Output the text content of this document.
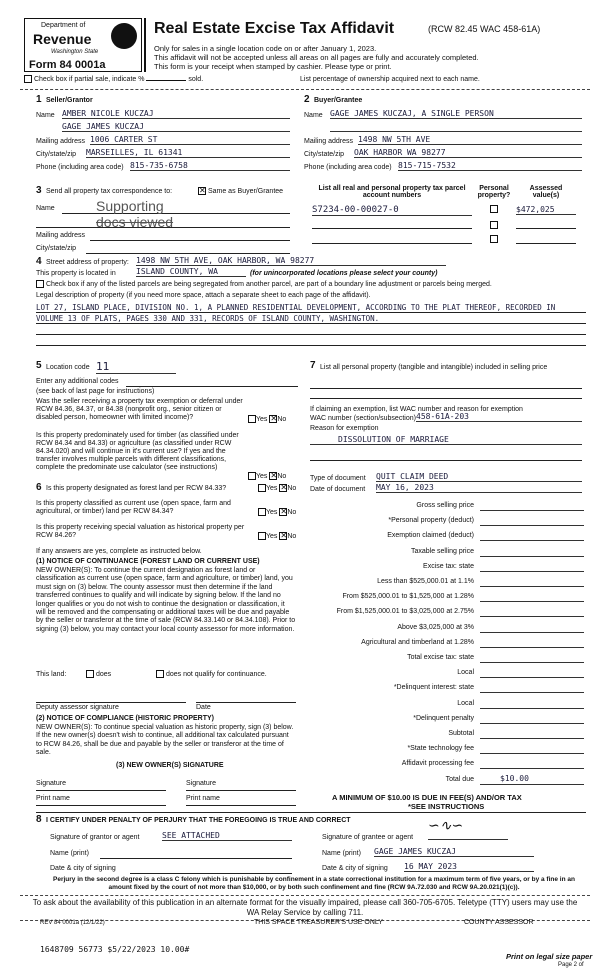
Department of
Revenue
Washington State
Form 84 0001a
Real Estate Excise Tax Affidavit	(RCW 82.45 WAC 458-61A)
Only for sales in a single location code on or after January 1, 2023.
This affidavit will not be accepted unless all areas on all pages are fully and accurately completed.
This form is your receipt when stamped by cashier. Please type or print.
Check box if partial sale, indicate %	sold.	List percentage of ownership acquired next to each name.
1 Seller/Grantor
Name AMBER NICOLE KUCZAJ
GAGE JAMES KUCZAJ
Mailing address 1006 CARTER ST
City/state/zip MARSEILLES, IL 61341
Phone (including area code) 815-735-6758
2 Buyer/Grantee
Name GAGE JAMES KUCZAJ, A SINGLE PERSON
Mailing address 1498 NW 5TH AVE
City/state/zip OAK HARBOR WA 98277
Phone (including area code) 815-715-7532
3 Send all property tax correspondence to:	✕ Same as Buyer/Grantee
Name	Supporting
docs viewed
Mailing address
City/state/zip
List all real and personal property tax parcel account numbers
Personal property?
Assessed value(s)
S7234-00-00027-0	$472,025
4 Street address of property: 1498 NW 5TH AVE, OAK HARBOR, WA 98277
This property is located in	ISLAND COUNTY, WA	(for unincorporated locations please select your county)
Check box if any of the listed parcels are being segregated from another parcel, are part of a boundary line adjustment or parcels being merged.
Legal description of property (if you need more space, attach a separate sheet to each page of the affidavit).
LOT 27, ISLAND PLACE, DIVISION NO. 1, A PLANNED RESIDENTIAL DEVELOPMENT, ACCORDING TO THE PLAT THEREOF, RECORDED IN VOLUME 13 OF PLATS, PAGES 330 AND 331, RECORDS OF ISLAND COUNTY, WASHINGTON.
5 Location code 11
Enter any additional codes
(see back of last page for instructions)
Was the seller receiving a property tax exemption or deferral under RCW 84.36, 84.37, or 84.38 (nonprofit org., senior citizen or disabled person, homeowner with limited income)?	Yes ✕No
Is this property predominately used for timber (as classified under RCW 84.34 and 84.33) or agriculture (as classified under RCW 84.34.020) and will continue in it's current use? If yes and the transfer involves multiple parcels with different classifications, complete the predominate use calculator (see instructions)
Yes ✕No
6 Is this property designated as forest land per RCW 84.33?	Yes ✕No
Is this property classified as current use (open space, farm and agricultural, or timber) land per RCW 84.34?	Yes ✕No
Is this property receiving special valuation as historical property per RCW 84.26?	Yes ✕No
If any answers are yes, complete as instructed below.
(1) NOTICE OF CONTINUANCE (FOREST LAND OR CURRENT USE)
NEW OWNER(S): To continue the current designation as forest land or classification as current use (open space, farm and agriculture, or timber) land, you must sign on (3) below. The county assessor must then determine if the land transferred continues to qualify and will indicate by signing below. If the land no longer qualifies or you do not wish to continue the designation or classification, it will be removed and the compensating or additional taxes will be due and payable by the seller or transferor at the time of sale (RCW 84.33.140 or 84.34.108). Prior to signing (3) below, you may contact your local county assessor for more information.
This land:	does	does not qualify for continuance.
Deputy assessor signature	Date
(2) NOTICE OF COMPLIANCE (HISTORIC PROPERTY)
NEW OWNER(S): To continue special valuation as historic property, sign (3) below. If the new owner(s) doesn't wish to continue, all additional tax calculated pursuant to RCW 84.26, shall be due and payable by the seller or transferor at the time of sale.
(3) NEW OWNER(S) SIGNATURE
Signature	Signature
Print name	Print name
7 List all personal property (tangible and intangible) included in selling price
If claiming an exemption, list WAC number and reason for exemption
WAC number (section/subsection) 458-61A-203
Reason for exemption
DISSOLUTION OF MARRIAGE
Type of document QUIT CLAIM DEED
Date of document MAY 16, 2023
Gross selling price
*Personal property (deduct)
Exemption claimed (deduct)
Taxable selling price
Excise tax: state
Less than $525,000.01 at 1.1%
From $525,000.01 to $1,525,000 at 1.28%
From $1,525,000.01 to $3,025,000 at 2.75%
Above $3,025,000 at 3%
Agricultural and timberland at 1.28%
Total excise tax: state
Local
*Delinquent interest: state
Local
*Delinquent penalty
Subtotal
*State technology fee
Affidavit processing fee
Total due	$10.00
A MINIMUM OF $10.00 IS DUE IN FEE(S) AND/OR TAX
*SEE INSTRUCTIONS
8 I CERTIFY UNDER PENALTY OF PERJURY THAT THE FOREGOING IS TRUE AND CORRECT
Signature of grantor or agent	SEE ATTACHED
Name (print)
Date & city of signing
Signature of grantee or agent
∽∿∽
Name (print) GAGE JAMES KUCZAJ
Date & city of signing 16 MAY 2023
Perjury in the second degree is a class C felony which is punishable by confinement in a state correctional institution for a maximum term of five years, or by a fine in an amount fixed by the court of not more than $10,000, or by both such confinement and fine (RCW 9A.72.030 and RCW 9A.20.021(1)(c)).
To ask about the availability of this publication in an alternate format for the visually impaired, please call 360-705-6705. Teletype (TTY) users may use the WA Relay Service by calling 711.
REV 84 0001a (12/1/22)	THIS SPACE TREASURER'S USE ONLY	COUNTY ASSESSOR
1648709 56773 $5/22/2023 10.00#
Print on legal size paper
Page 2 of
